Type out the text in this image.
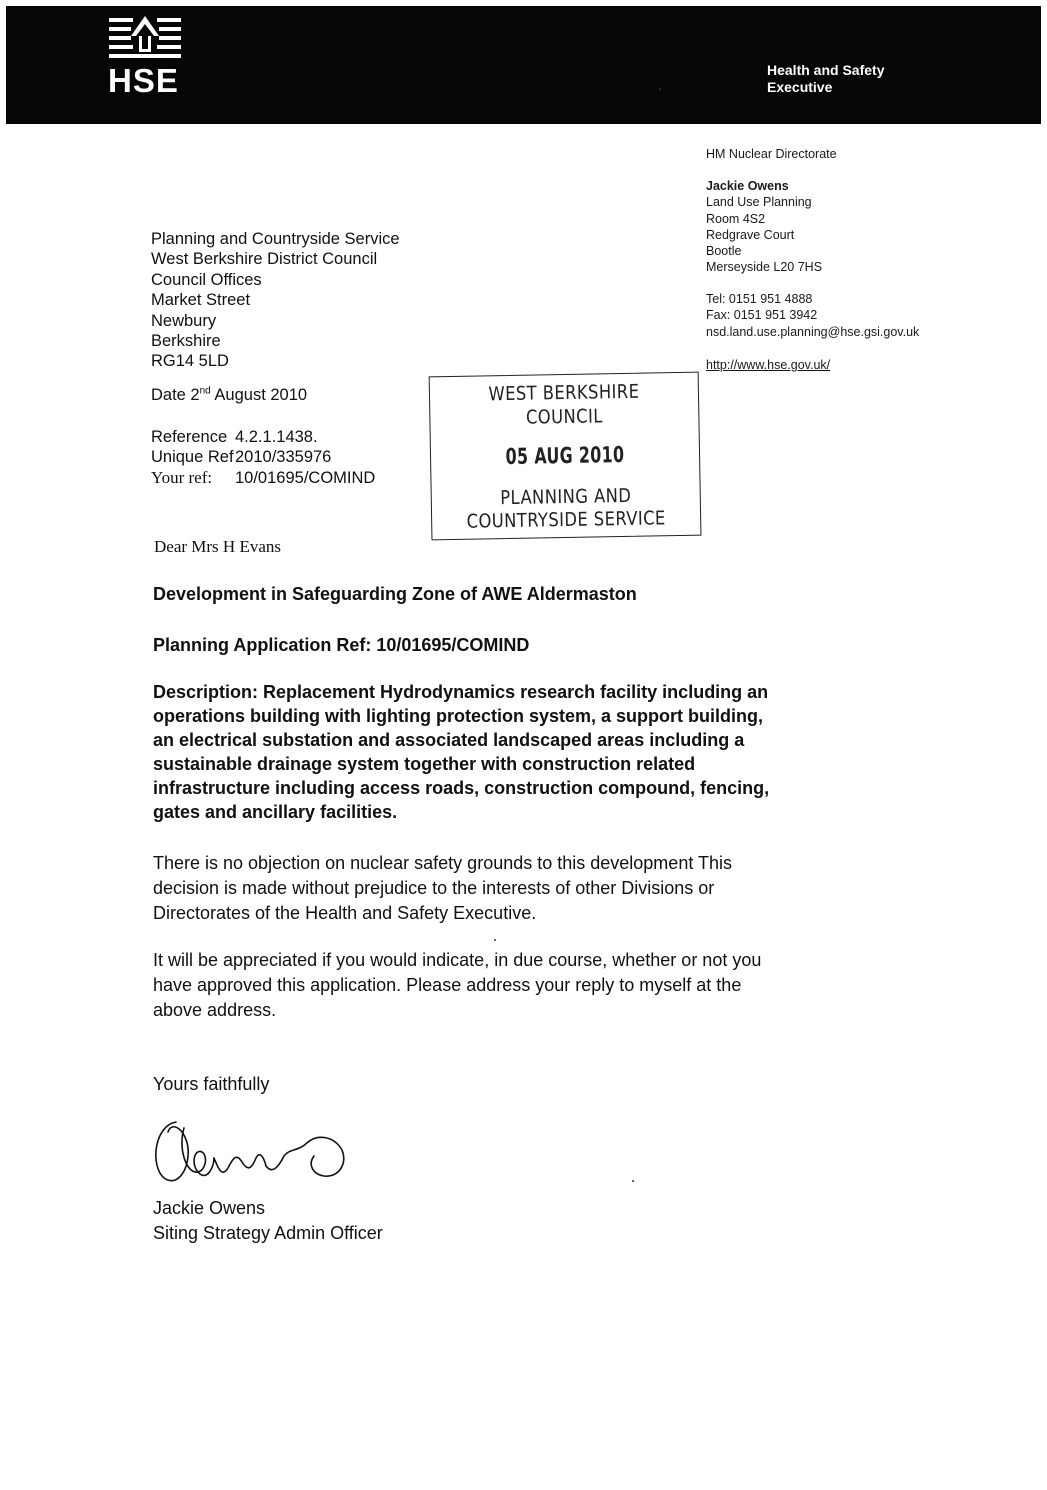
HSE	Health and Safety
Executive
HM Nuclear Directorate
Jackie Owens
Land Use Planning
Room 4S2
Redgrave Court
Bootle
Merseyside L20 7HS
Tel: 0151 951 4888
Fax: 0151 951 3942
nsd.land.use.planning@hse.gsi.gov.uk
http://www.hse.gov.uk/
Planning and Countryside Service
West Berkshire District Council
Council Offices
Market Street
Newbury
Berkshire
RG14 5LD
Date 2nd August 2010
Reference 4.2.1.1438.
Unique Ref2010/335976
Your ref: 10/01695/COMIND
WEST BERKSHIRE
COUNCIL
05 AUG 2010
PLANNING AND
COUNTRYSIDE SERVICE
Dear Mrs H Evans
Development in Safeguarding Zone of AWE Aldermaston
Planning Application Ref: 10/01695/COMIND
Description: Replacement Hydrodynamics research facility including an
operations building with lighting protection system, a support building,
an electrical substation and associated landscaped areas including a
sustainable drainage system together with construction related
infrastructure including access roads, construction compound, fencing,
gates and ancillary facilities.
There is no objection on nuclear safety grounds to this development This
decision is made without prejudice to the interests of other Divisions or
Directorates of the Health and Safety Executive.
It will be appreciated if you would indicate, in due course, whether or not you
have approved this application. Please address your reply to myself at the
above address.
Yours faithfully
Jackie Owens
Siting Strategy Admin Officer
